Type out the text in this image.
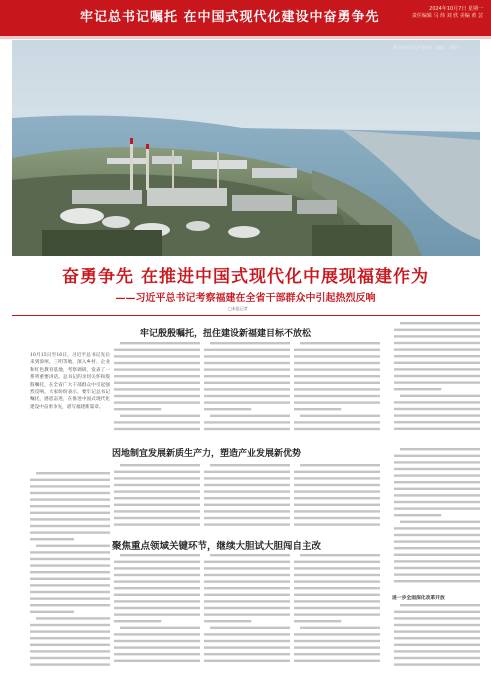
牢记总书记嘱托 在中国式现代化建设中奋勇争先
2024年10月7日 星期一
责任编辑 马 炜 刘 欣 美编 黄 芸
图为泉港石化产业园区（摄影：刘锋）
奋勇争先 在推进中国式现代化中展现福建作为
——习近平总书记考察福建在全省干部群众中引起热烈反响
□本报记者
10月15日至16日，习近平总书记先后来到漳州、三明等地，深入乡村、企业和红色教育基地，考察调研，发表了一系列重要讲话。总书记的亲切关怀和殷殷嘱托，在全省广大干部群众中引起强烈反响。大家纷纷表示，要牢记总书记嘱托，感恩奋进，在推进中国式现代化建设中奋勇争先，谱写福建新篇章。
牢记殷殷嘱托，扭住建设新福建目标不放松
因地制宜发展新质生产力，塑造产业发展新优势
聚焦重点领域关键环节，继续大胆试大胆闯自主改
进一步全面深化改革开放
